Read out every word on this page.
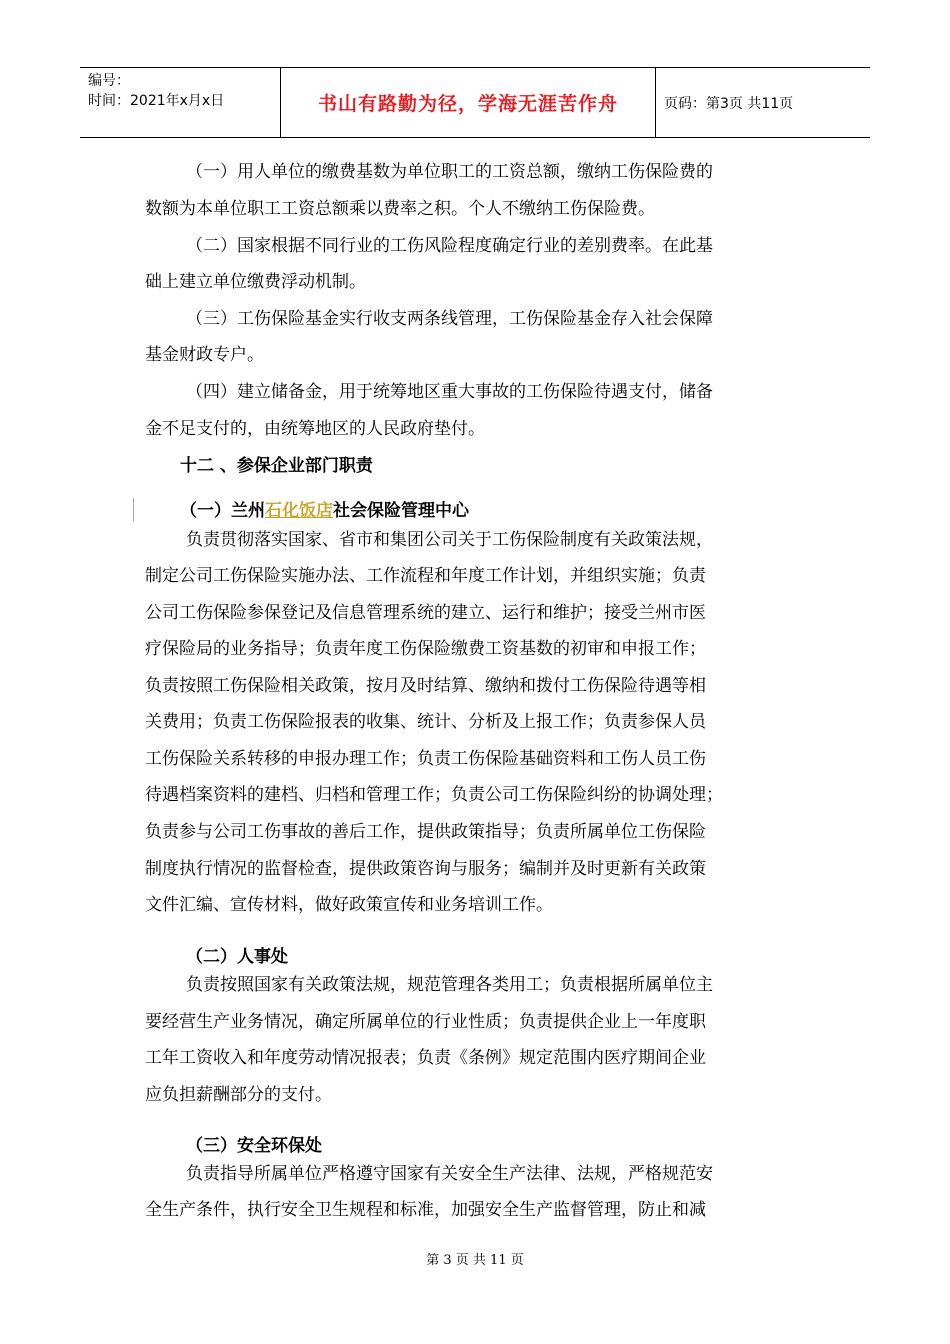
编号：
时间：2021年x月x日	书山有路勤为径，学海无涯苦作舟	页码：第3页 共11页
（一）用人单位的缴费基数为单位职工的工资总额，缴纳工伤保险费的
数额为本单位职工工资总额乘以费率之积。个人不缴纳工伤保险费。
（二）国家根据不同行业的工伤风险程度确定行业的差别费率。在此基
础上建立单位缴费浮动机制。
（三）工伤保险基金实行收支两条线管理，工伤保险基金存入社会保障
基金财政专户。
（四）建立储备金，用于统筹地区重大事故的工伤保险待遇支付，储备
金不足支付的，由统筹地区的人民政府垫付。
十二 、参保企业部门职责
（一）兰州石化饭店社会保险管理中心
负责贯彻落实国家、省市和集团公司关于工伤保险制度有关政策法规，
制定公司工伤保险实施办法、工作流程和年度工作计划，并组织实施；负责
公司工伤保险参保登记及信息管理系统的建立、运行和维护；接受兰州市医
疗保险局的业务指导；负责年度工伤保险缴费工资基数的初审和申报工作；
负责按照工伤保险相关政策，按月及时结算、缴纳和拨付工伤保险待遇等相
关费用；负责工伤保险报表的收集、统计、分析及上报工作；负责参保人员
工伤保险关系转移的申报办理工作；负责工伤保险基础资料和工伤人员工伤
待遇档案资料的建档、归档和管理工作；负责公司工伤保险纠纷的协调处理；
负责参与公司工伤事故的善后工作，提供政策指导；负责所属单位工伤保险
制度执行情况的监督检查，提供政策咨询与服务；编制并及时更新有关政策
文件汇编、宣传材料，做好政策宣传和业务培训工作。
（二）人事处
负责按照国家有关政策法规，规范管理各类用工；负责根据所属单位主
要经营生产业务情况，确定所属单位的行业性质；负责提供企业上一年度职
工年工资收入和年度劳动情况报表；负责《条例》规定范围内医疗期间企业
应负担薪酬部分的支付。
（三）安全环保处
负责指导所属单位严格遵守国家有关安全生产法律、法规，严格规范安
全生产条件，执行安全卫生规程和标准，加强安全生产监督管理，防止和减
第 3 页 共 11 页
